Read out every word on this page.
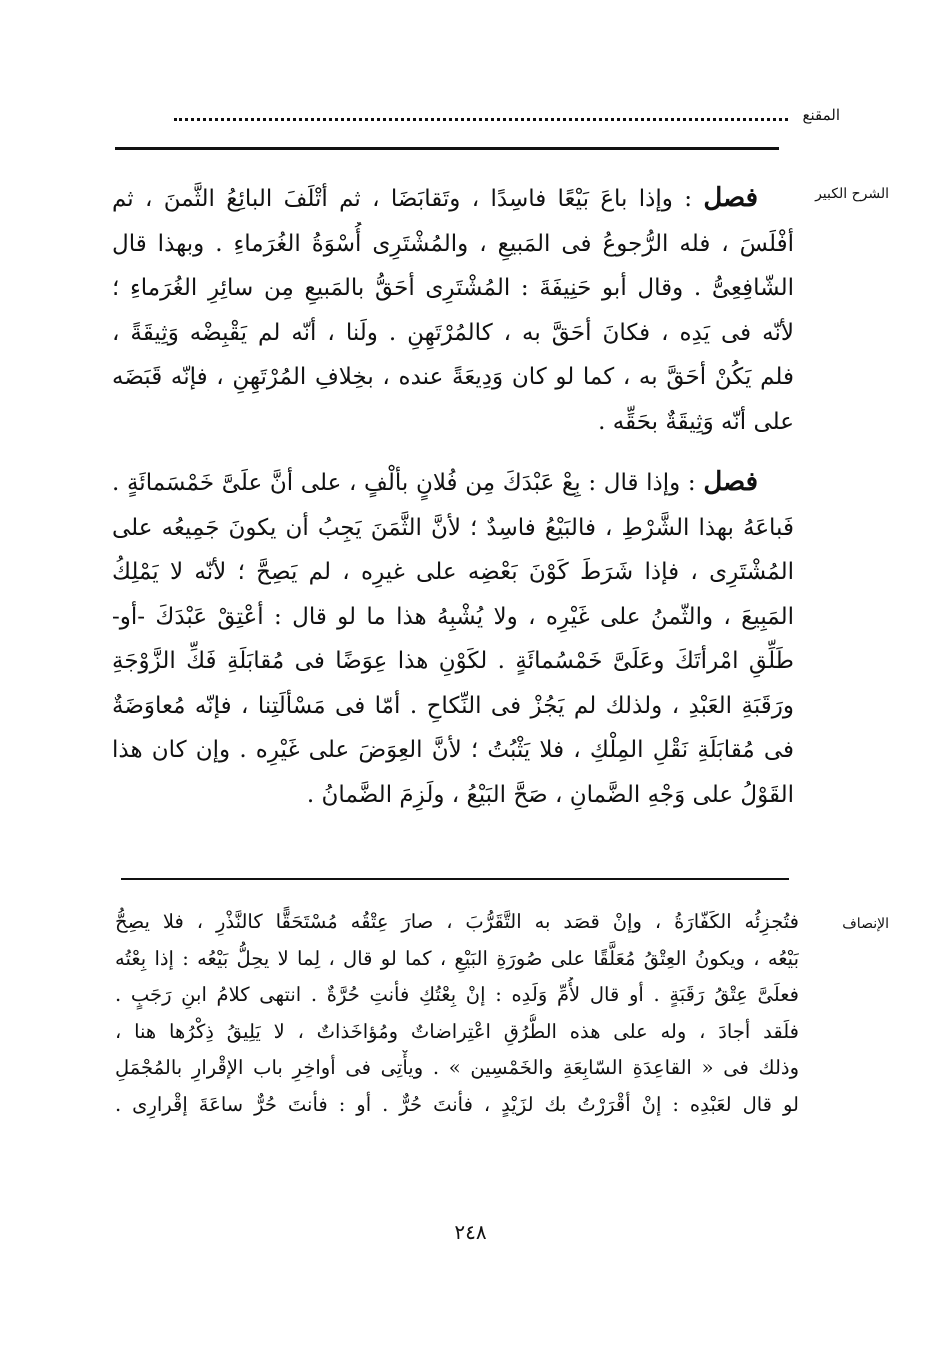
المقنع
الشرح الكبير

فصل : وإذا باعَ بَيْعًا فاسِدًا ، وتَقابَضَا ، ثم أتْلَفَ البائِعُ الثَّمنَ ، ثم
أفْلَسَ ، فله الرُّجوعُ فى المَبيعِ ، والمُشْتَرِى أُسْوَةُ الغُرَماءِ . وبهذا قال
الشّافِعِىُّ . وقال أبو حَنِيفَةَ : المُشْتَرِى أحَقُّ بالمَبيعِ مِن سائِرِ الغُرَماءِ ؛
لأنّه فى يَدِه ، فكانَ أحَقَّ به ، كالمُرْتَهِنِ . ولَنا ، أنّه لم يَقْبِضْه وَثِيقَةً ،
فلم يَكُنْ أحَقَّ به ، كما لو كان وَدِيعَةً عنده ، بخِلافِ المُرْتَهِنِ ، فإنّه قَبَضَه
على أنّه وَثِيقَةٌ بحَقِّه .

فصل : وإذا قال : بِعْ عَبْدَكَ مِن فُلانٍ بألْفٍ ، على أنَّ علَىَّ خَمْسَمائَةٍ .
فَباعَهُ بهذا الشَّرْطِ ، فالبَيْعُ فاسِدٌ ؛ لأنَّ الثَّمَنَ يَجِبُ أن يكونَ جَمِيعُه على
المُشْتَرِى ، فإذا شَرَطَ كَوْنَ بَعْضِه على غيرِه ، لم يَصِحَّ ؛ لأنّه لا يَمْلِكُ
المَبِيعَ ، والثّمنُ على غَيْرِه ، ولا يُشْبِهُ هذا ما لو قال : أعْتِقْ عَبْدَكَ -أو-
طَلِّقِ امْرأتَكَ وعَلَىَّ خَمْسُمائَةٍ . لكَوْنِ هذا عِوَضًا فى مُقابَلَةِ فَكِّ الزَّوْجَةِ
ورَقَبَةِ العَبْدِ ، ولذلك لم يَجُزْ فى النِّكاحِ . أمّا فى مَسْألَتِنا ، فإنّه مُعاوَضَةٌ
فى مُقابَلَةِ نَقْلِ المِلْكِ ، فلا يَثْبُتُ ؛ لأنَّ العِوَضَ على غَيْرِه . وإن كان هذا
القَوْلُ على وَجْهِ الضَّمانِ ، صَحَّ البَيْعُ ، ولَزِمَ الضَّمانُ .

الإنصاف
فتُجزِئُه الكَفّارَةُ ، وإنْ قصَد به التَّقَرُّبَ ، صارَ عِتْقُه مُسْتَحَقًّا كالنَّذْرِ ، فلا يصِحُّ
بَيْعُه ، ويكونُ العِتْقُ مُعَلَّقًا على صُورَةِ البَيْعِ ، كما لو قال ، لِما لا يحِلُّ بَيْعُه : إذا بِعْتُه
فعلَىَّ عِتْقُ رَقَبَةٍ . أو قال لأُمِّ وَلَدِه : إنْ بِعْتُكِ فأنتِ حُرَّةٌ . انتهى كلامُ ابنِ رَجَبٍ .
فلَقد أجادَ ، وله على هذه الطُّرُقِ اعْتِراضاتٌ ومُؤاخَذاتٌ ، لا يَلِيقُ ذِكْرُها هنا ،
وذلك فى « القاعِدَةِ السّابِعَةِ والخَمْسِين » . ويأْتِى فى أواخِرِ باب الإقْرارِ بالمُجْمَلِ
لو قال لعَبْدِه : إنْ أقْرَرْتُ بك لزَيْدٍ ، فأنتَ حُرٌّ . أو : فأنتَ حُرٌّ ساعَةَ إقْرارِى .
٢٤٨
